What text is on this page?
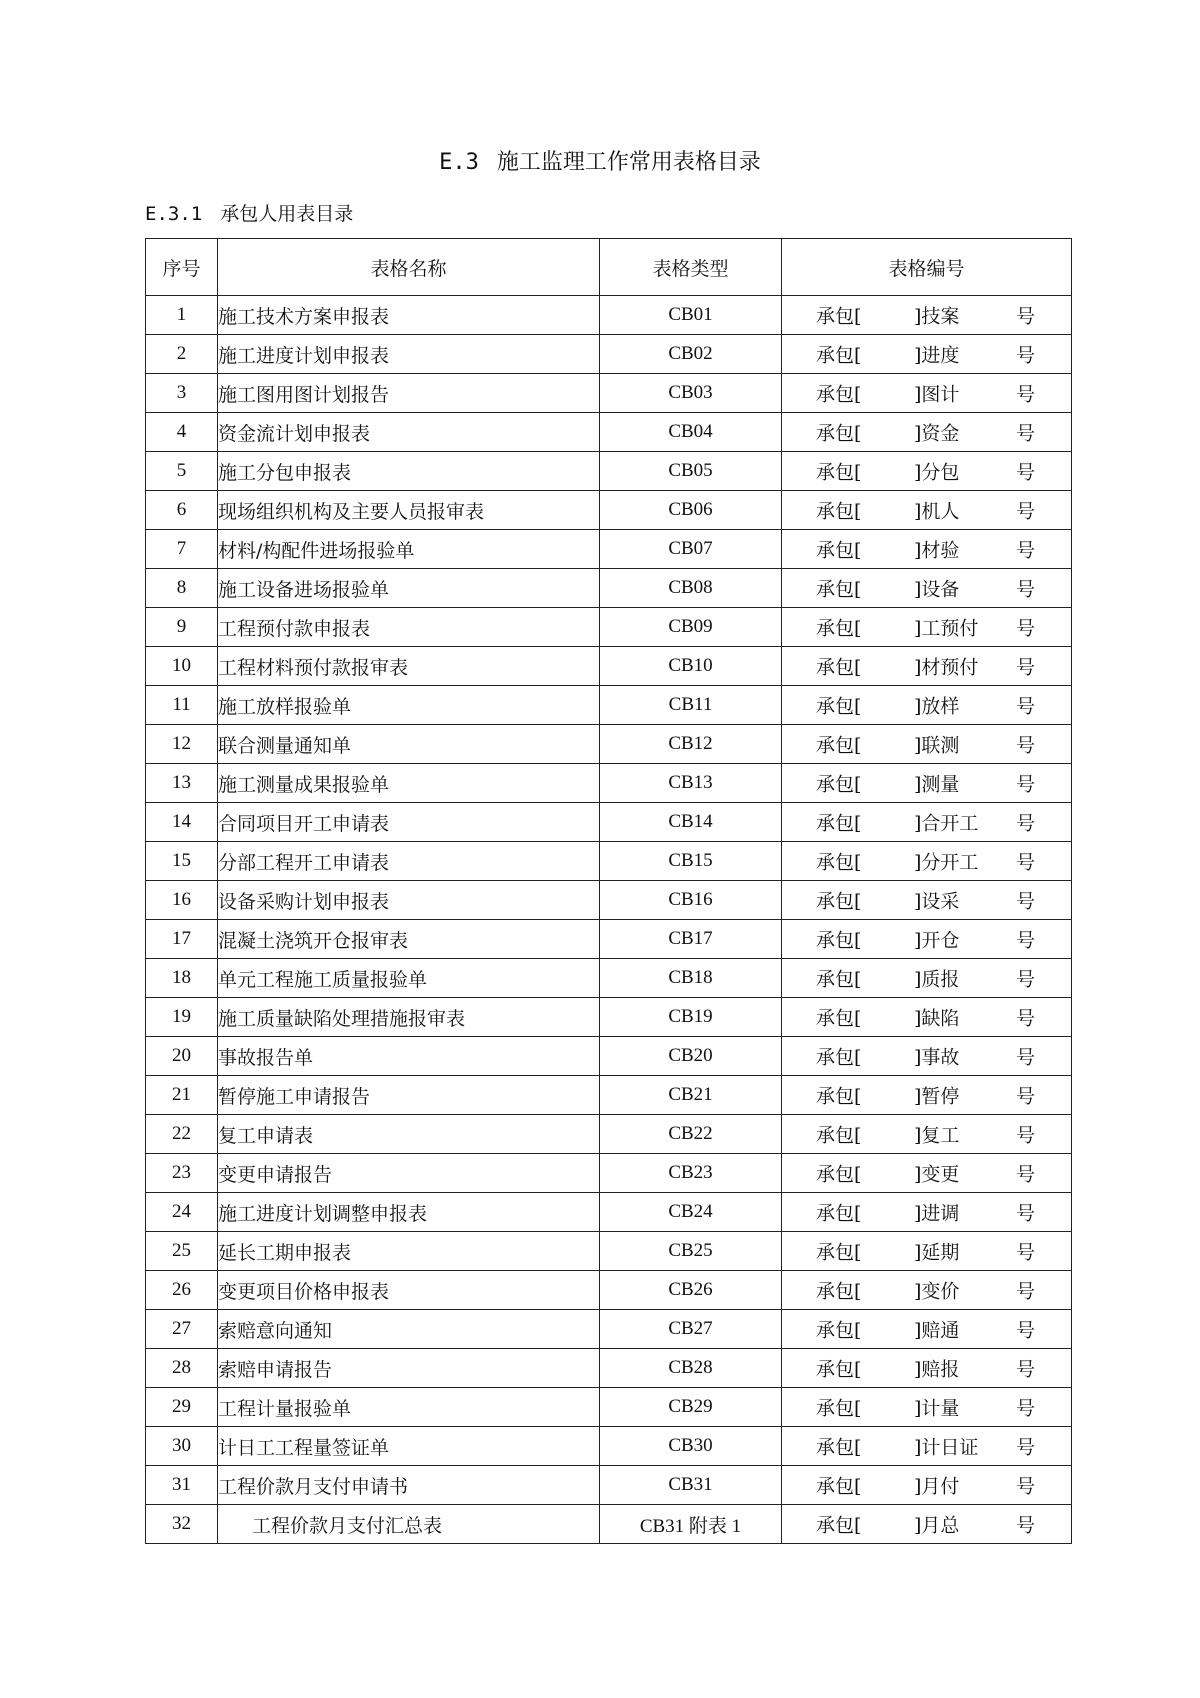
E.3 施工监理工作常用表格目录
E.3.1 承包人用表目录
序号	表格名称	表格类型	表格编号
1	施工技术方案申报表	CB01	承包[ ]技案 号

2	施工进度计划申报表	CB02	承包[ ]进度 号

3	施工图用图计划报告	CB03	承包[ ]图计 号

4	资金流计划申报表	CB04	承包[ ]资金 号

5	施工分包申报表	CB05	承包[ ]分包 号

6	现场组织机构及主要人员报审表	CB06	承包[ ]机人 号

7	材料/构配件进场报验单	CB07	承包[ ]材验 号

8	施工设备进场报验单	CB08	承包[ ]设备 号

9	工程预付款申报表	CB09	承包[ ]工预付 号

10	工程材料预付款报审表	CB10	承包[ ]材预付 号

11	施工放样报验单	CB11	承包[ ]放样 号

12	联合测量通知单	CB12	承包[ ]联测 号

13	施工测量成果报验单	CB13	承包[ ]测量 号

14	合同项目开工申请表	CB14	承包[ ]合开工 号

15	分部工程开工申请表	CB15	承包[ ]分开工 号

16	设备采购计划申报表	CB16	承包[ ]设采 号

17	混凝土浇筑开仓报审表	CB17	承包[ ]开仓 号

18	单元工程施工质量报验单	CB18	承包[ ]质报 号

19	施工质量缺陷处理措施报审表	CB19	承包[ ]缺陷 号

20	事故报告单	CB20	承包[ ]事故 号

21	暂停施工申请报告	CB21	承包[ ]暂停 号

22	复工申请表	CB22	承包[ ]复工 号

23	变更申请报告	CB23	承包[ ]变更 号

24	施工进度计划调整申报表	CB24	承包[ ]进调 号

25	延长工期申报表	CB25	承包[ ]延期 号

26	变更项目价格申报表	CB26	承包[ ]变价 号

27	索赔意向通知	CB27	承包[ ]赔通 号

28	索赔申请报告	CB28	承包[ ]赔报 号

29	工程计量报验单	CB29	承包[ ]计量 号

30	计日工工程量签证单	CB30	承包[ ]计日证 号

31	工程价款月支付申请书	CB31	承包[ ]月付 号

32	工程价款月支付汇总表	CB31 附表 1	承包[ ]月总 号
